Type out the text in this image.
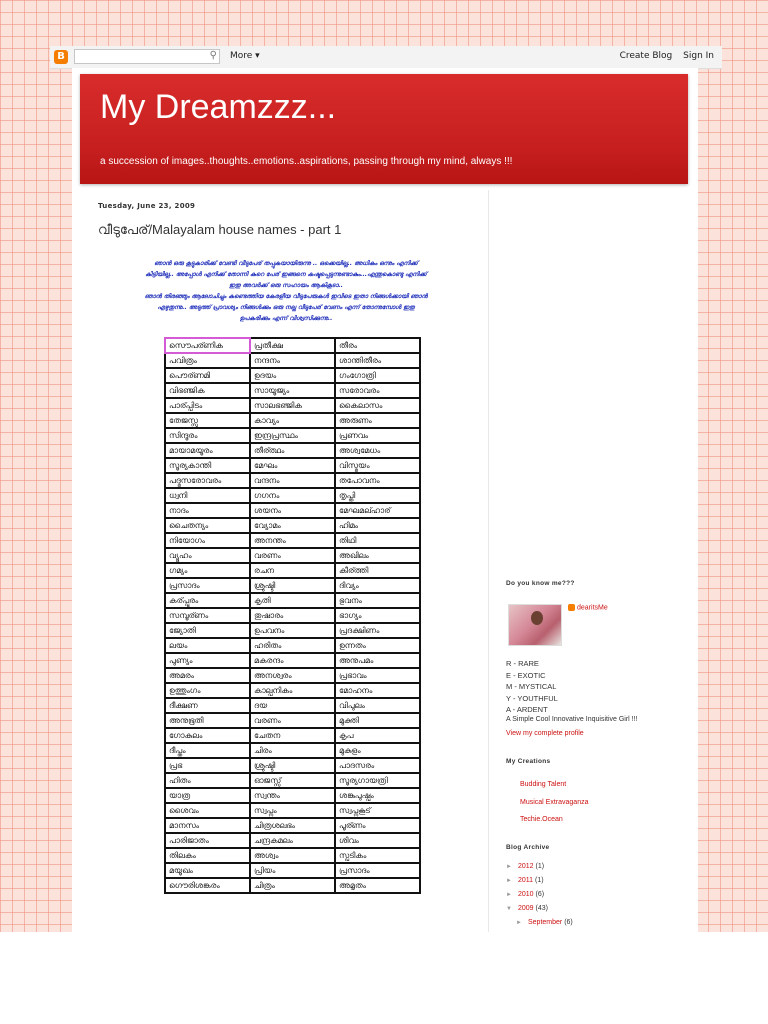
B	⚲ More ▾	Create Blog Sign In
My Dreamzzz...
a succession of images..thoughts..emotions..aspirations, passing through my mind, always !!!
Tuesday, June 23, 2009
വീടുപേര്/Malayalam house names - part 1
ഞാൻ ഒരു കൂട്ടുകാരിക്ക് വേണ്ടി വീടുപേര് തപ്പുകയായിരുന്നു .. ഒക്കെയില്ല.. അധികം ഒന്നും എനിക്ക്
കിട്ടിയില്ല.. അപ്പോൾ എനിക്ക് തോന്നി കുറെ പേര് ഇങ്ങനെ കഷ്ടപ്പെടുന്നുണ്ടാകും...എന്തുകൊണ്ടു എനിക്ക്
ഇതു അവർക്ക് ഒരു സഹായം ആകികൂടാ..
ഞാൻ തിരഞ്ഞും ആലോചിച്ചും കണ്ടെത്തിയ കേരളീയ വീടുപേരുകൾ ഇവിടെ ഇതാ നിങ്ങൾക്കായി ഞാൻ
എഴുതുന്നു.. അടുത്ത് പ്രാവശ്യം നിങ്ങൾക്കും ഒരു നല്ല വീടുപേര് വേണം എന്ന് തോന്നുമ്പോൾ ഇതു
ഉപകരിക്കും എന്ന് വിശ്വസിക്കുന്നു..
സൌപര്ണിക	പ്രതീക്ഷ	തീരം
പവിത്രം	നന്ദനം	ശാന്തിതീരം
പൌര്ണമി	ഉദയം	ഗംഗോത്രി
വിഭഞ്ജിക	സായൂജ്യം	സരോവരം
പാര്പ്പിടം	സാലഭഞ്ജിക	കൈലാസം
തേജസ്സു	കാവ്യം	അരുണം
സിന്ദൂരം	ഇന്ദ്രപ്രസ്ഥം	പ്രണവം
മായാമയൂരം	തീര്ത്ഥം	അശ്വമേധം
സൂര്യകാന്തി	മേഘം	വിസ്മയം
പദ്മസരോവരം	വന്ദനം	തപോവനം
ധ്വനി	ഗഗനം	തൃപ്തി
നാദം	ശയനം	മേഘമല്ഹാര്
ചൈതന്യം	വ്യോമം	ഹിമം
നിയോഗം	അനന്തം	തിഥി
വ്യൂഹം	വരണം	അഖിലം
ഗമ്യം	രചന	കീര്ത്തി
പ്രസാദം	ശ്രുഷ്ടി	ദിവ്യം
കര്പ്പൂരം	കൃതി	ഭുവനം
സമ്പൂര്ണം	തുഷാരം	ഭാഗ്യം
ജ്യോതി	ഉപവനം	പ്രദക്ഷിണം
ലയം	ഹരിതം	ഉന്നതം
പുണ്യം	മകരന്ദം	അനുപമം
അമരം	അനശ്വരം	പ്രഭാവം
ഉത്തുംഗം	കാല്പനികം	മോഹനം
ദീക്ഷണ	ദയ	വിപുലം
അനുഭൂതി	വരണം	മുക്തി
ഗോകുലം	ചേതന	കൃപ
ദീപ്തം	ചിരം	മുകുളം
പ്രഭ	ശ്രുഷ്ടി	പാദസരം
ഹിതം	ഓജസ്സ്	സൂര്യഗായത്രി
യാത്ര	സ്വന്തം	ശങ്കുപുഷ്പം
ശൈവം	സ്വപ്നം	സ്വപ്നകൂട്
മാനസം	ചിത്രശലഭം	പൂര്ണം
പാരിജാതം	ചന്ദ്രകമലം	ശിവം
തിലകം	അശ്വം	സ്പടികം
മയൂഖം	പ്രിയം	പ്രസാദം
ഗൌരിശങ്കരം	ചിത്രം	അമൃതം
Do you know me???
dearitsMe
R - RARE
E - EXOTIC
M - MYSTICAL
Y - YOUTHFUL
A - ARDENT
A Simple Cool Innovative Inquisitive Girl !!!
View my complete profile
My Creations
Budding Talent
Musical Extravaganza
Techie.Ocean
Blog Archive
► 2012 (1)
► 2011 (1)
► 2010 (6)
▼ 2009 (43)
► September (6)
